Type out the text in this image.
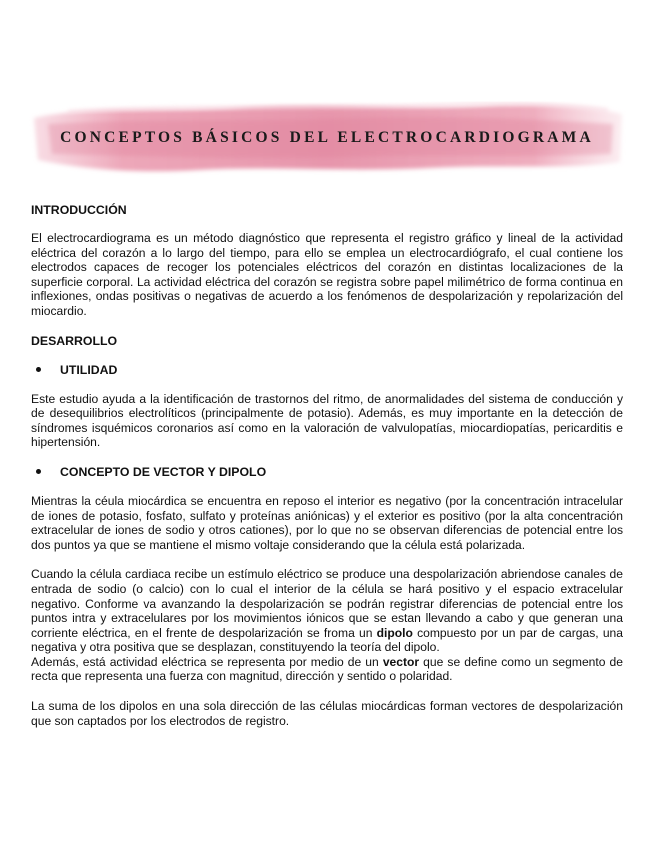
CONCEPTOS BÁSICOS DEL ELECTROCARDIOGRAMA
INTRODUCCIÓN

El electrocardiograma es un método diagnóstico que representa el registro gráfico y lineal de la actividad eléctrica del corazón a lo largo del tiempo, para ello se emplea un electrocardiógrafo, el cual contiene los electrodos capaces de recoger los potenciales eléctricos del corazón en distintas localizaciones de la superficie corporal. La actividad eléctrica del corazón se registra sobre papel milimétrico de forma continua en inflexiones, ondas positivas o negativas de acuerdo a los fenómenos de despolarización y repolarización del miocardio.

DESARROLLO
UTILIDAD

Este estudio ayuda a la identificación de trastornos del ritmo, de anormalidades del sistema de conducción y de desequilibrios electrolíticos (principalmente de potasio). Además, es muy importante en la detección de síndromes isquémicos coronarios así como en la valoración de valvulopatías, miocardiopatías, pericarditis e hipertensión.

CONCEPTO DE VECTOR Y DIPOLO

Mientras la céula miocárdica se encuentra en reposo el interior es negativo (por la concentración intracelular de iones de potasio, fosfato, sulfato y proteínas aniónicas) y el exterior es positivo (por la alta concentración extracelular de iones de sodio y otros cationes), por lo que no se observan diferencias de potencial entre los dos puntos ya que se mantiene el mismo voltaje considerando que la célula está polarizada.

Cuando la célula cardiaca recibe un estímulo eléctrico se produce una despolarización abriendose canales de entrada de sodio (o calcio) con lo cual el interior de la célula se hará positivo y el espacio extracelular negativo. Conforme va avanzando la despolarización se podrán registrar diferencias de potencial entre los puntos intra y extracelulares por los movimientos iónicos que se estan llevando a cabo y que generan una corriente eléctrica, en el frente de despolarización se froma un dipolo compuesto por un par de cargas, una negativa y otra positiva que se desplazan, constituyendo la teoría del dipolo.

Además, está actividad eléctrica se representa por medio de un vector que se define como un segmento de recta que representa una fuerza con magnitud, dirección y sentido o polaridad.

La suma de los dipolos en una sola dirección de las células miocárdicas forman vectores de despolarización que son captados por los electrodos de registro.
